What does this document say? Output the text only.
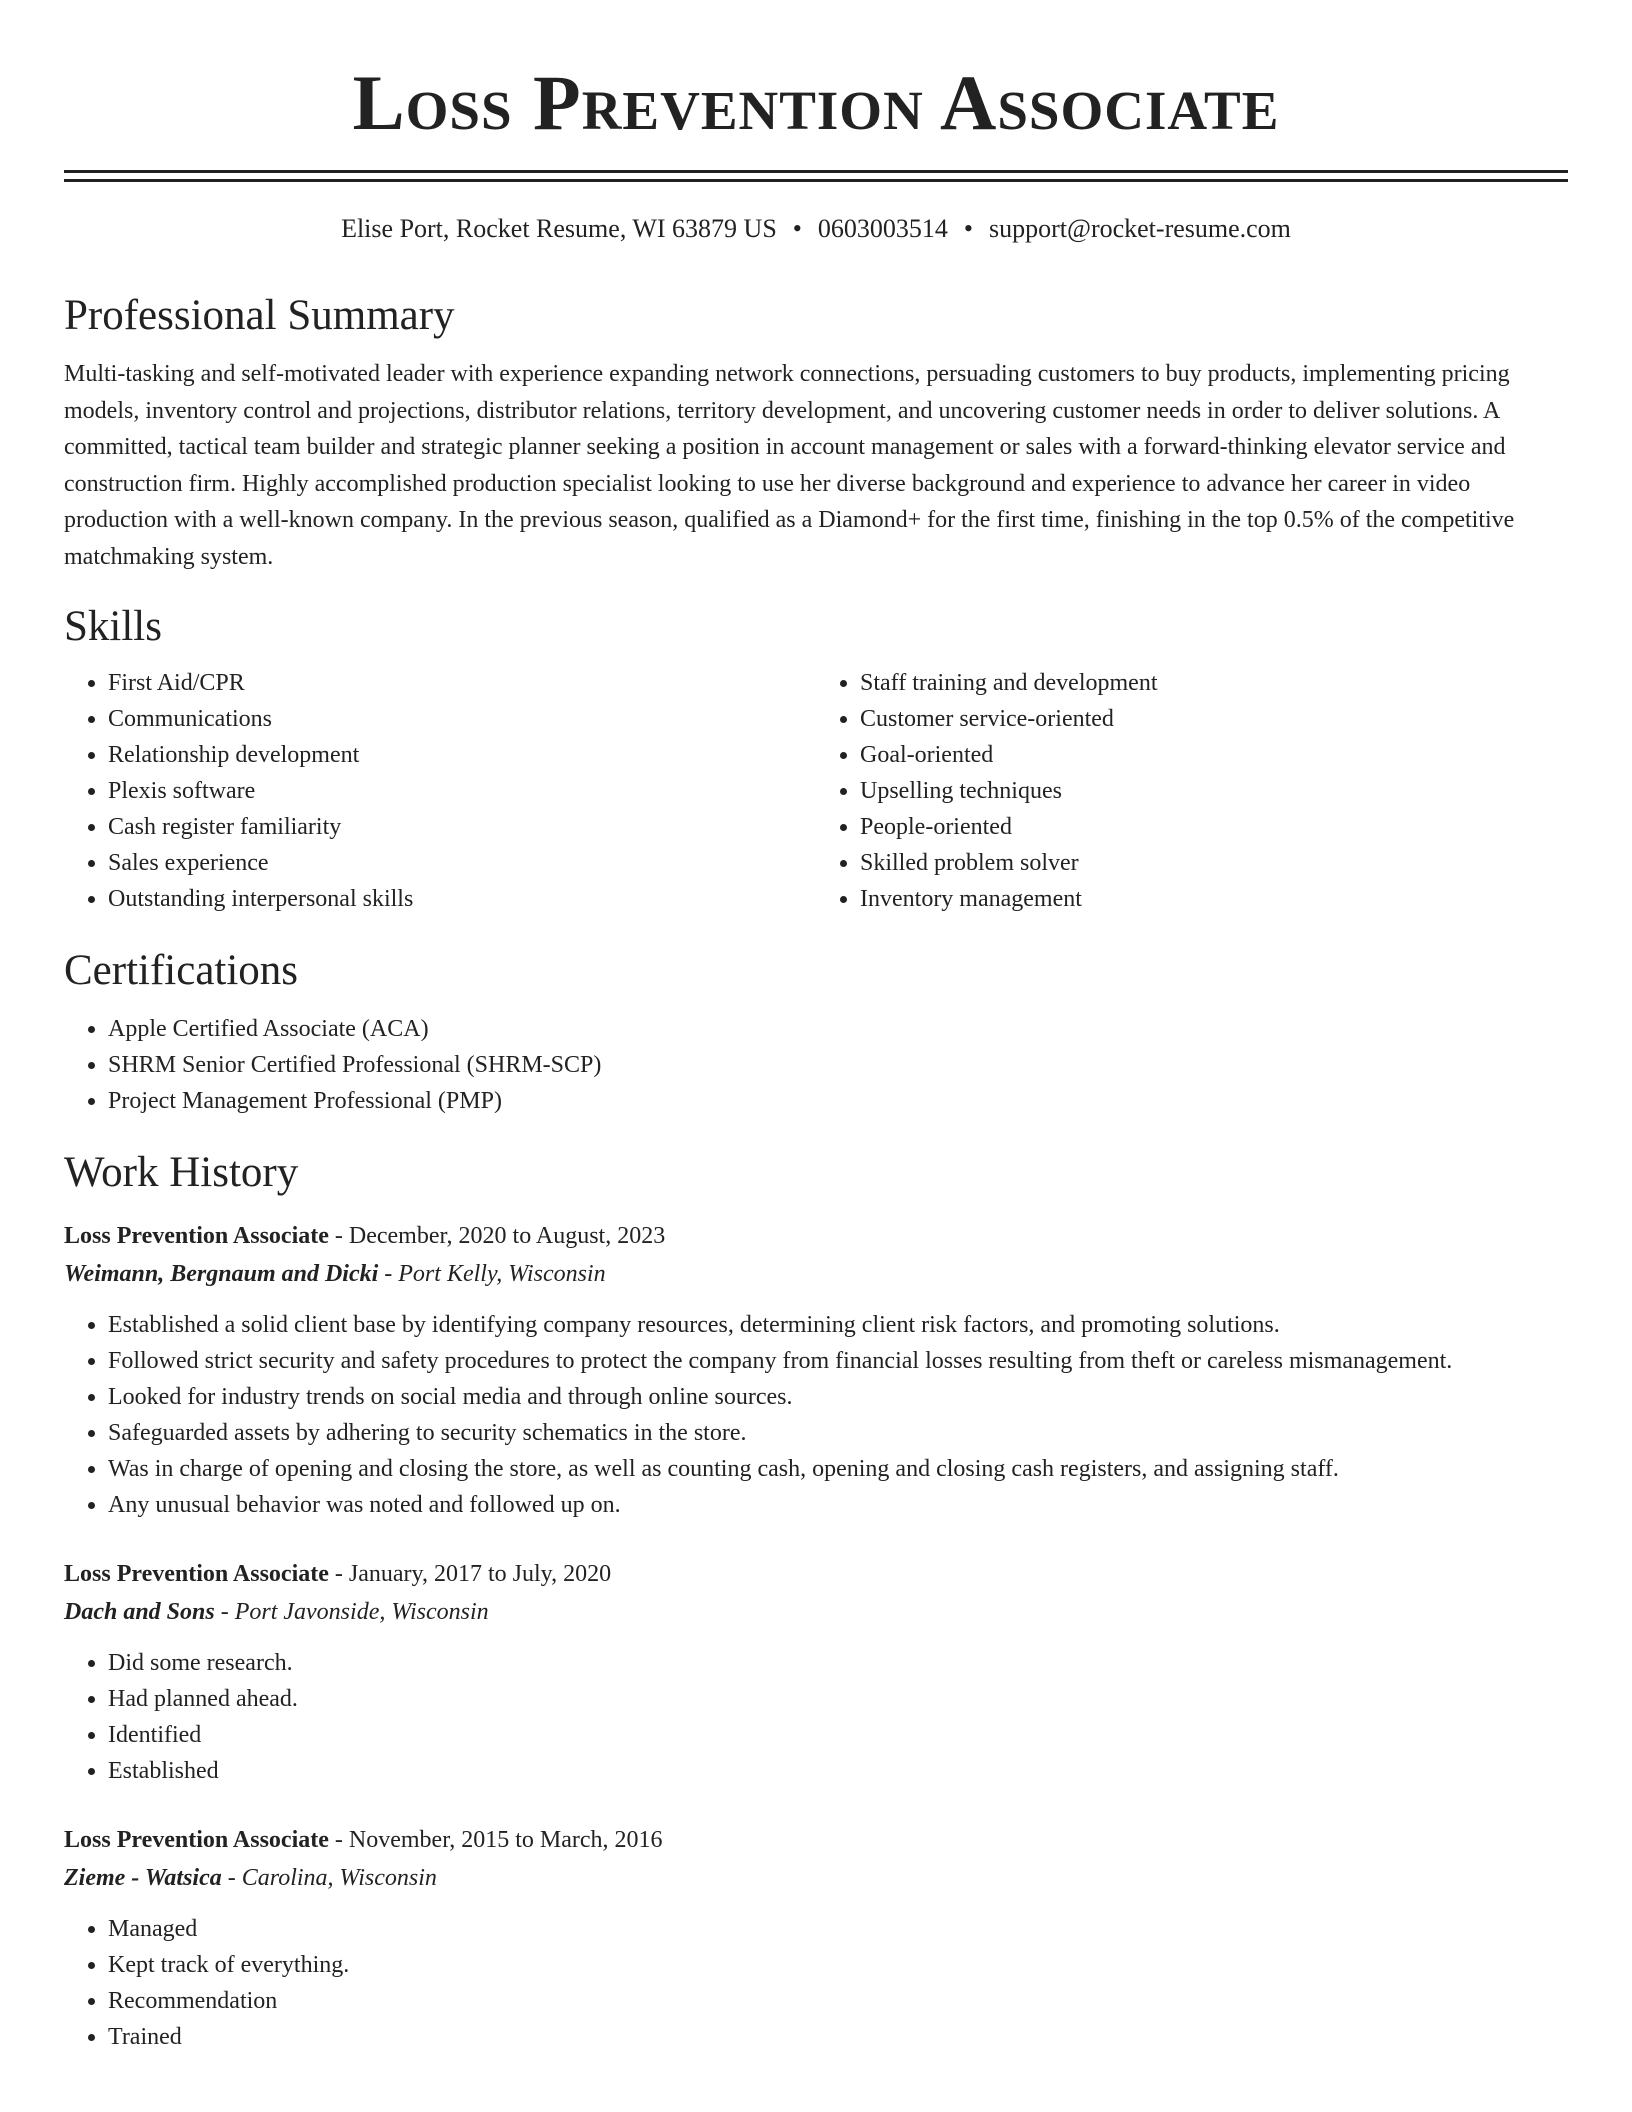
Loss Prevention Associate
Elise Port, Rocket Resume, WI 63879 US • 0603003514 • support@rocket-resume.com
Professional Summary
Multi-tasking and self-motivated leader with experience expanding network connections, persuading customers to buy products, implementing pricing models, inventory control and projections, distributor relations, territory development, and uncovering customer needs in order to deliver solutions. A committed, tactical team builder and strategic planner seeking a position in account management or sales with a forward-thinking elevator service and construction firm. Highly accomplished production specialist looking to use her diverse background and experience to advance her career in video production with a well-known company. In the previous season, qualified as a Diamond+ for the first time, finishing in the top 0.5% of the competitive matchmaking system.
Skills
• First Aid/CPR
• Communications
• Relationship development
• Plexis software
• Cash register familiarity
• Sales experience
• Outstanding interpersonal skills
• Staff training and development
• Customer service-oriented
• Goal-oriented
• Upselling techniques
• People-oriented
• Skilled problem solver
• Inventory management
Certifications
• Apple Certified Associate (ACA)
• SHRM Senior Certified Professional (SHRM-SCP)
• Project Management Professional (PMP)
Work History
Loss Prevention Associate - December, 2020 to August, 2023
Weimann, Bergnaum and Dicki - Port Kelly, Wisconsin
• Established a solid client base by identifying company resources, determining client risk factors, and promoting solutions.
• Followed strict security and safety procedures to protect the company from financial losses resulting from theft or careless mismanagement.
• Looked for industry trends on social media and through online sources.
• Safeguarded assets by adhering to security schematics in the store.
• Was in charge of opening and closing the store, as well as counting cash, opening and closing cash registers, and assigning staff.
• Any unusual behavior was noted and followed up on.
Loss Prevention Associate - January, 2017 to July, 2020
Dach and Sons - Port Javonside, Wisconsin
• Did some research.
• Had planned ahead.
• Identified
• Established
Loss Prevention Associate - November, 2015 to March, 2016
Zieme - Watsica - Carolina, Wisconsin
• Managed
• Kept track of everything.
• Recommendation
• Trained
